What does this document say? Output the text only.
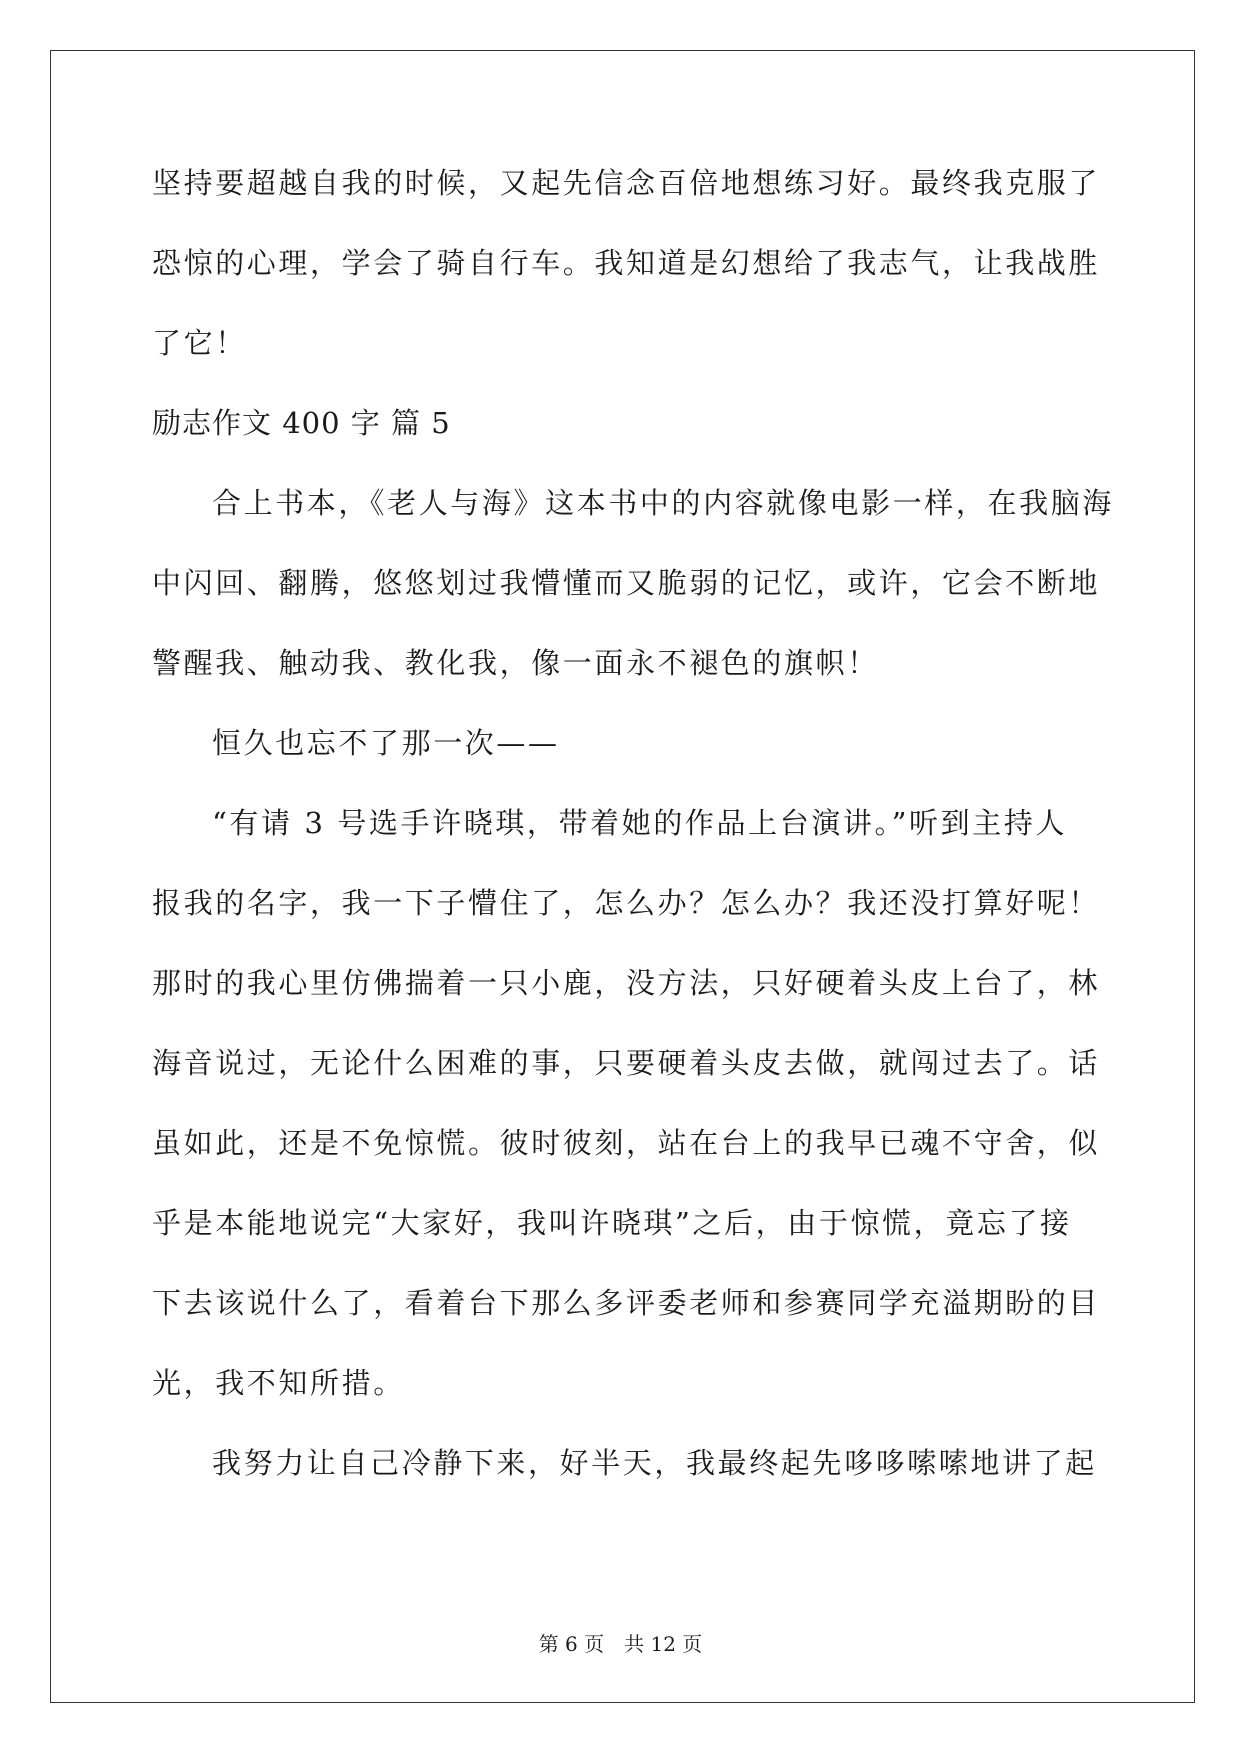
坚持要超越自我的时候，又起先信念百倍地想练习好。最终我克服了
恐惊的心理，学会了骑自行车。我知道是幻想给了我志气，让我战胜
了它！
励志作文 400 字 篇 5
合上书本，《老人与海》这本书中的内容就像电影一样，在我脑海
中闪回、翻腾，悠悠划过我懵懂而又脆弱的记忆，或许，它会不断地
警醒我、触动我、教化我，像一面永不褪色的旗帜！
恒久也忘不了那一次——
“有请 3 号选手许晓琪，带着她的作品上台演讲。”听到主持人
报我的名字，我一下子懵住了，怎么办？怎么办？我还没打算好呢！
那时的我心里仿佛揣着一只小鹿，没方法，只好硬着头皮上台了，林
海音说过，无论什么困难的事，只要硬着头皮去做，就闯过去了。话
虽如此，还是不免惊慌。彼时彼刻，站在台上的我早已魂不守舍，似
乎是本能地说完“大家好，我叫许晓琪”之后，由于惊慌，竟忘了接
下去该说什么了，看着台下那么多评委老师和参赛同学充溢期盼的目
光，我不知所措。
我努力让自己冷静下来，好半天，我最终起先哆哆嗦嗦地讲了起
第 6 页 共 12 页
